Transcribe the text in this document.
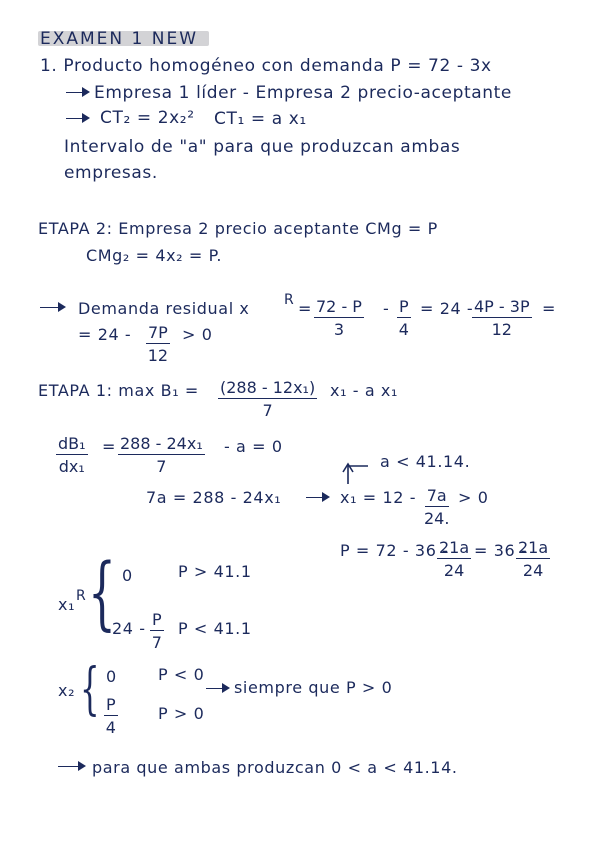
EXAMEN 1 NEW
1. Producto homogéneo con demanda P = 72 - 3x
Empresa 1 líder - Empresa 2 precio-aceptante
CT₂ = 2x₂² CT₁ = a x₁
Intervalo de "a" para que produzcan ambas
empresas.
ETAPA 2: Empresa 2 precio aceptante CMg = P
CMg₂ = 4x₂ = P.
Demanda residual x $R = \frac{72 - P}{3} - \frac{P}{4} = 24$ -
$\frac{4P - 3P}{12}$ =
= $24 - \frac{7P}{12} > 0$
ETAPA 1: $\max B_1 = \frac{\text{(288 - 12x₁)}}{7} x_1 - a$ x₁
$\frac{\text{dB₁}}{\text{dx₁}} = \frac{\text{288 - 24x₁}}{7} - a = 0$
a < 41.14.
7a = 288 - 24x₁	$x_1 = 12 - \frac{7a}{24.} > 0$
P = 72 - 36 -
$\frac{21a}{24} = 36$ -
$\frac{21a}{24}$
x₁ R { 0	P > 41.1
$24 - \frac{P}{7}$ P < 41.1
x₂ { 0	P < 0
$\frac{P}{4}$	P > 0
siempre que P > 0
para que ambas produzcan 0 < a < 41.14.
